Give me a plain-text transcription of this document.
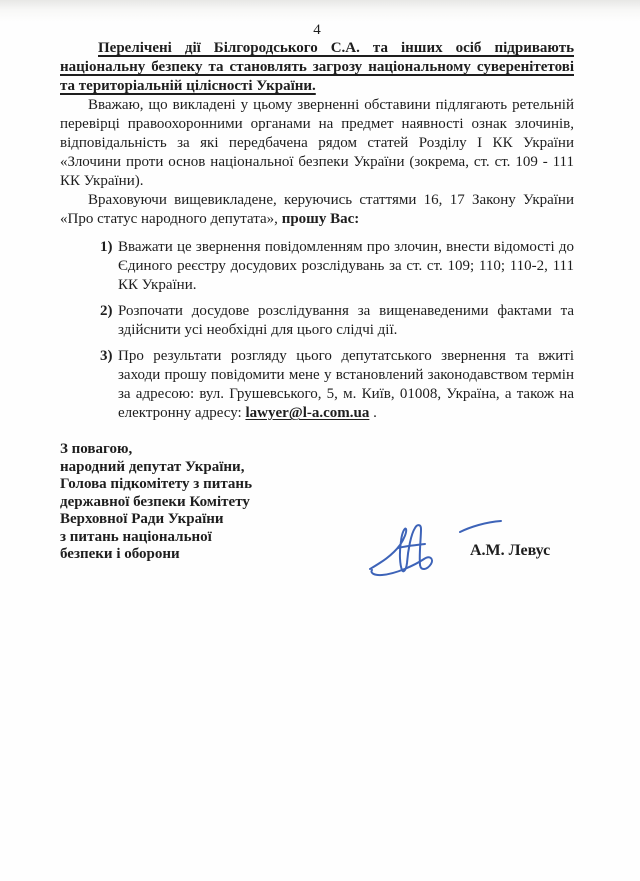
4

Перелічені дії Білгородського С.А. та інших осіб підривають національну безпеку та становлять загрозу національному суверенітетові та територіальній цілісності України.

Вважаю, що викладені у цьому зверненні обставини підлягають ретельній перевірці правоохоронними органами на предмет наявності ознак злочинів, відповідальність за які передбачена рядом статей Розділу І КК України «Злочини проти основ національної безпеки України (зокрема, ст. ст. 109 - 111 КК України).

Враховуючи вищевикладене, керуючись статтями 16, 17 Закону України «Про статус народного депутата», прошу Вас:

1) Вважати це звернення повідомленням про злочин, внести відомості до Єдиного реєстру досудових розслідувань за ст. ст. 109; 110; 110-2, 111 КК України.
2) Розпочати досудове розслідування за вищенаведеними фактами та здійснити усі необхідні для цього слідчі дії.
3) Про результати розгляду цього депутатського звернення та вжиті заходи прошу повідомити мене у встановлений законодавством термін за адресою: вул. Грушевського, 5, м. Київ, 01008, Україна, а також на електронну адресу: lawyer@l-a.com.ua .
З повагою,
народний депутат України,
Голова підкомітету з питань
державної безпеки Комітету
Верховної Ради України
з питань національної
безпеки і оборони	А.М. Левус
